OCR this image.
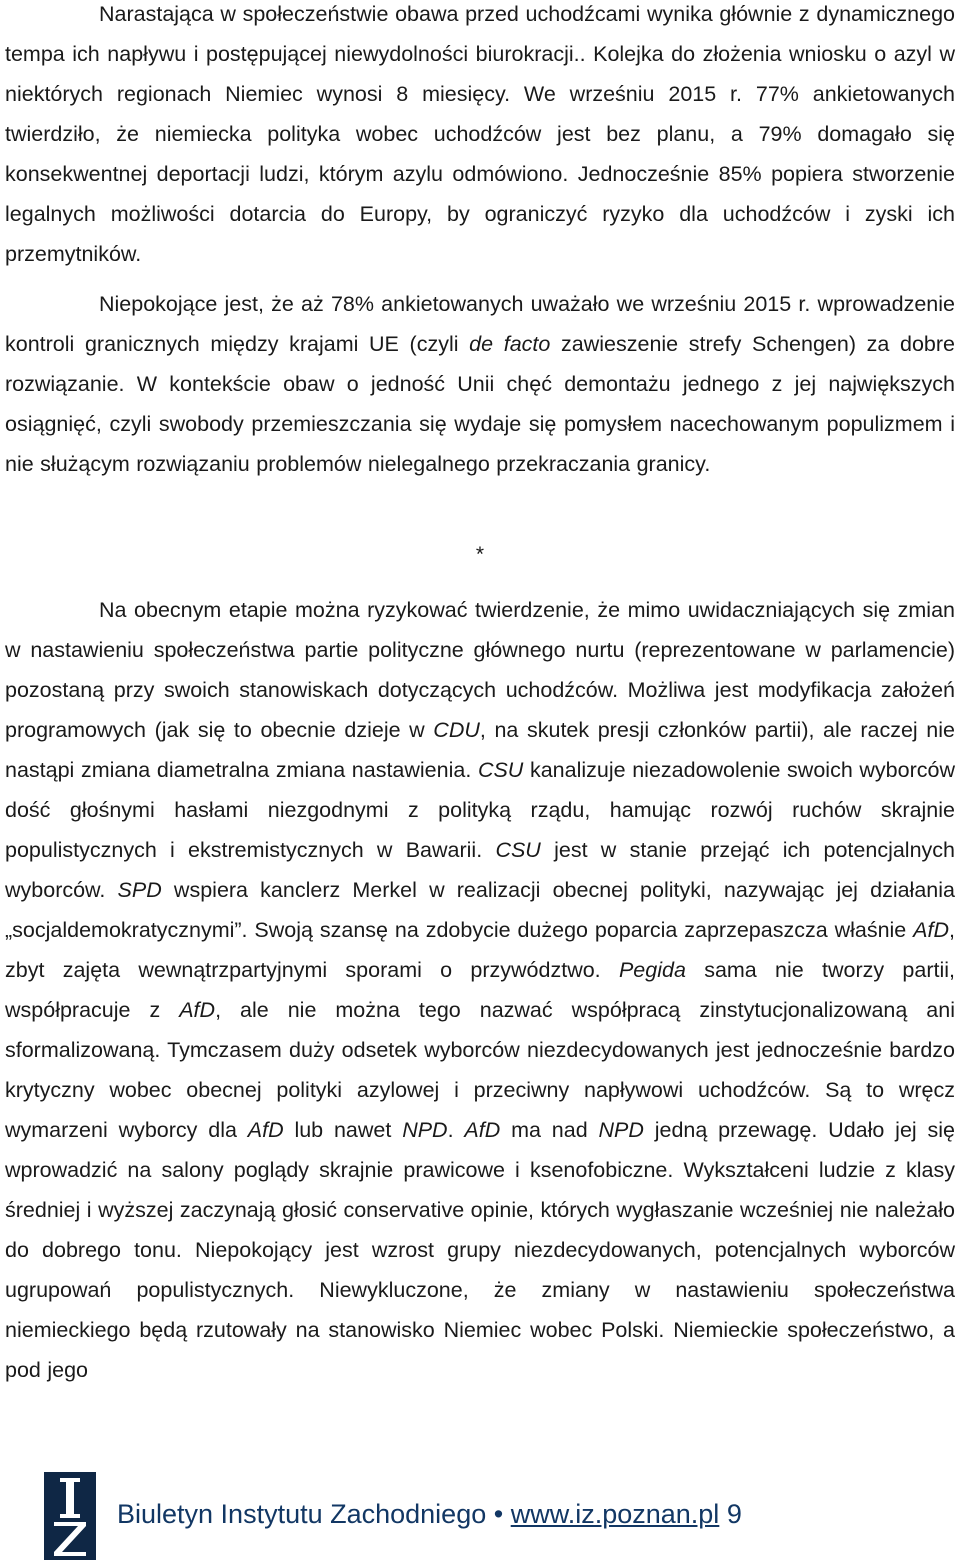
Narastająca w społeczeństwie obawa przed uchodźcami wynika głównie z dynamicznego tempa ich napływu i postępującej niewydolności biurokracji.. Kolejka do złożenia wniosku o azyl w niektórych regionach Niemiec wynosi 8 miesięcy. We wrześniu 2015 r. 77% ankietowanych twierdziło, że niemiecka polityka wobec uchodźców jest bez planu, a 79% domagało się konsekwentnej deportacji ludzi, którym azylu odmówiono. Jednocześnie 85% popiera stworzenie legalnych możliwości dotarcia do Europy, by ograniczyć ryzyko dla uchodźców i zyski ich przemytników.

Niepokojące jest, że aż 78% ankietowanych uważało we wrześniu 2015 r. wprowadzenie kontroli granicznych między krajami UE (czyli de facto zawieszenie strefy Schengen) za dobre rozwiązanie. W kontekście obaw o jedność Unii chęć demontażu jednego z jej największych osiągnięć, czyli swobody przemieszczania się wydaje się pomysłem nacechowanym populizmem i nie służącym rozwiązaniu problemów nielegalnego przekraczania granicy.

*

Na obecnym etapie można ryzykować twierdzenie, że mimo uwidaczniających się zmian w nastawieniu społeczeństwa partie polityczne głównego nurtu (reprezentowane w parlamencie) pozostaną przy swoich stanowiskach dotyczących uchodźców. Możliwa jest modyfikacja założeń programowych (jak się to obecnie dzieje w CDU, na skutek presji członków partii), ale raczej nie nastąpi zmiana diametralna zmiana nastawienia. CSU kanalizuje niezadowolenie swoich wyborców dość głośnymi hasłami niezgodnymi z polityką rządu, hamując rozwój ruchów skrajnie populistycznych i ekstremistycznych w Bawarii. CSU jest w stanie przejąć ich potencjalnych wyborców. SPD wspiera kanclerz Merkel w realizacji obecnej polityki, nazywając jej działania „socjaldemokratycznymi”. Swoją szansę na zdobycie dużego poparcia zaprzepaszcza właśnie AfD, zbyt zajęta wewnątrzpartyjnymi sporami o przywództwo. Pegida sama nie tworzy partii, współpracuje z AfD, ale nie można tego nazwać współpracą zinstytucjonalizowaną ani sformalizowaną. Tymczasem duży odsetek wyborców niezdecydowanych jest jednocześnie bardzo krytyczny wobec obecnej polityki azylowej i przeciwny napływowi uchodźców. Są to wręcz wymarzeni wyborcy dla AfD lub nawet NPD. AfD ma nad NPD jedną przewagę. Udało jej się wprowadzić na salony poglądy skrajnie prawicowe i ksenofobiczne. Wykształceni ludzie z klasy średniej i wyższej zaczynają głosić conservative opinie, których wygłaszanie wcześniej nie należało do dobrego tonu. Niepokojący jest wzrost grupy niezdecydowanych, potencjalnych wyborców ugrupowań populistycznych. Niewykluczone, że zmiany w nastawieniu społeczeństwa niemieckiego będą rzutowały na stanowisko Niemiec wobec Polski. Niemieckie społeczeństwo, a pod jego

Biuletyn Instytutu Zachodniego • www.iz.poznan.pl 9
